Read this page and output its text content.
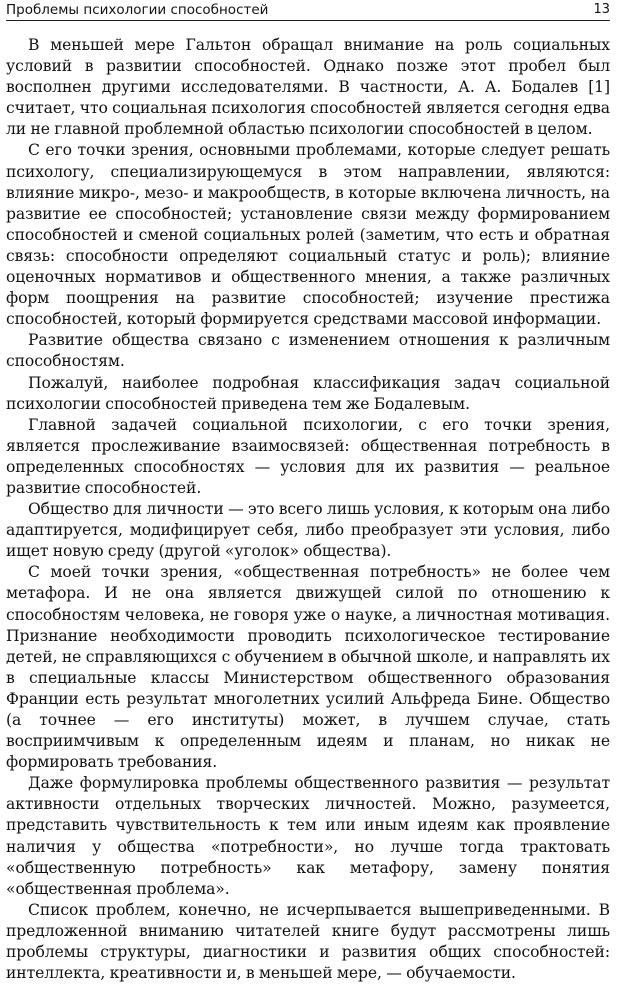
Проблемы психологии способностей	13

В меньшей мере Гальтон обращал внимание на роль социальных условий в развитии способностей. Однако позже этот пробел был восполнен другими исследователями. В частности, А. А. Бодалев [1] считает, что социальная психология способностей является сегодня едва ли не главной проблемной областью психологии способностей в целом.

С его точки зрения, основными проблемами, которые следует решать психологу, специализирующемуся в этом направлении, являются: влияние микро-, мезо- и макрообществ, в которые включена личность, на развитие ее способностей; установление связи между формированием способностей и сменой социальных ролей (заметим, что есть и обратная связь: способности определяют социальный статус и роль); влияние оценочных нормативов и общественного мнения, а также различных форм поощрения на развитие способностей; изучение престижа способностей, который формируется средствами массовой информации.

Развитие общества связано с изменением отношения к различным способностям.

Пожалуй, наиболее подробная классификация задач социальной психологии способностей приведена тем же Бодалевым.

Главной задачей социальной психологии, с его точки зрения, является прослеживание взаимосвязей: общественная потребность в определенных способностях — условия для их развития — реальное развитие способностей.

Общество для личности — это всего лишь условия, к которым она либо адаптируется, модифицирует себя, либо преобразует эти условия, либо ищет новую среду (другой «уголок» общества).

С моей точки зрения, «общественная потребность» не более чем метафора. И не она является движущей силой по отношению к способностям человека, не говоря уже о науке, а личностная мотивация. Признание необходимости проводить психологическое тестирование детей, не справляющихся с обучением в обычной школе, и направлять их в специальные классы Министерством общественного образования Франции есть результат многолетних усилий Альфреда Бине. Общество (а точнее — его институты) может, в лучшем случае, стать восприимчивым к определенным идеям и планам, но никак не формировать требования.

Даже формулировка проблемы общественного развития — результат активности отдельных творческих личностей. Можно, разумеется, представить чувствительность к тем или иным идеям как проявление наличия у общества «потребности», но лучше тогда трактовать «общественную потребность» как метафору, замену понятия «общественная проблема».

Список проблем, конечно, не исчерпывается вышеприведенными. В предложенной вниманию читателей книге будут рассмотрены лишь проблемы структуры, диагностики и развития общих способностей: интеллекта, креативности и, в меньшей мере, — обучаемости.
